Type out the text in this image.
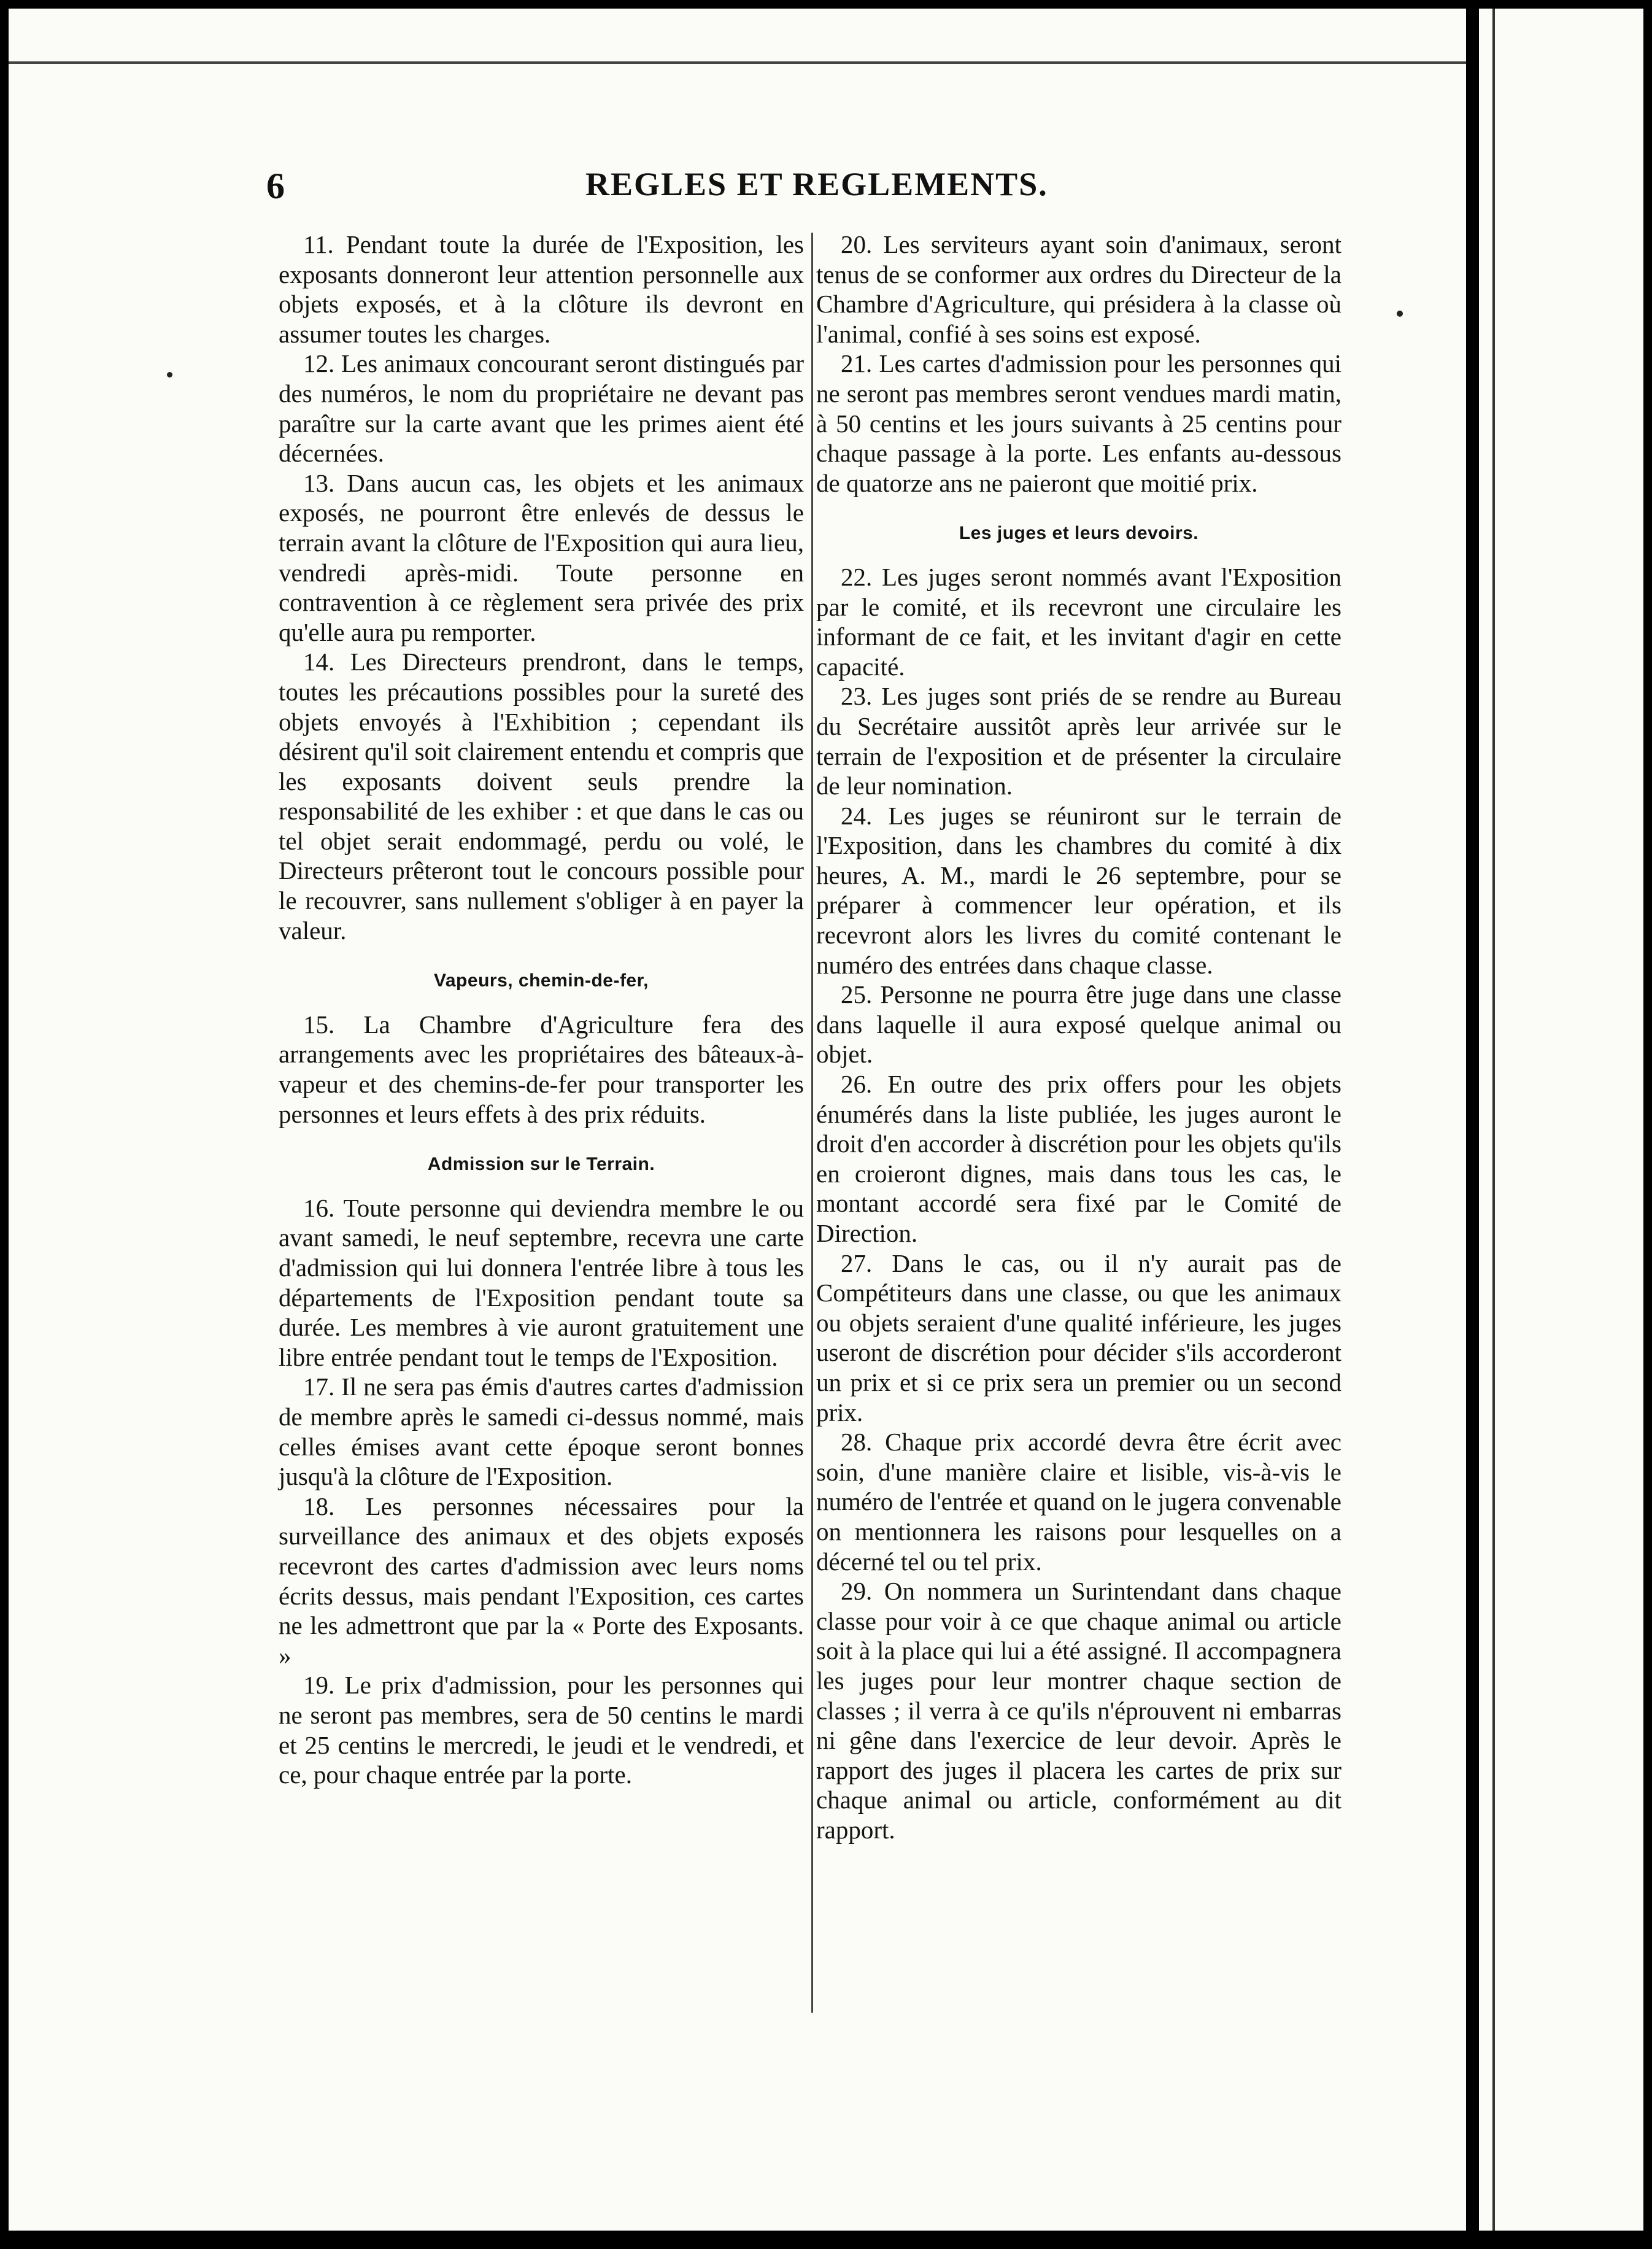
6	REGLES ET REGLEMENTS.

11. Pendant toute la durée de l'Exposition, les exposants donneront leur attention personnelle aux objets exposés, et à la clôture ils devront en assumer toutes les charges.

12. Les animaux concourant seront distingués par des numéros, le nom du propriétaire ne devant pas paraître sur la carte avant que les primes aient été décernées.

13. Dans aucun cas, les objets et les animaux exposés, ne pourront être enlevés de dessus le terrain avant la clôture de l'Exposition qui aura lieu, vendredi après-midi. Toute personne en contravention à ce règlement sera privée des prix qu'elle aura pu remporter.

14. Les Directeurs prendront, dans le temps, toutes les précautions possibles pour la sureté des objets envoyés à l'Exhibition ; cependant ils désirent qu'il soit clairement entendu et compris que les exposants doivent seuls prendre la responsabilité de les exhiber : et que dans le cas ou tel objet serait endommagé, perdu ou volé, le Directeurs prêteront tout le concours possible pour le recouvrer, sans nullement s'obliger à en payer la valeur.

Vapeurs, chemin-de-fer,

15. La Chambre d'Agriculture fera des arrangements avec les propriétaires des bâteaux-à-vapeur et des chemins-de-fer pour transporter les personnes et leurs effets à des prix réduits.

Admission sur le Terrain.

16. Toute personne qui deviendra membre le ou avant samedi, le neuf septembre, recevra une carte d'admission qui lui donnera l'entrée libre à tous les départements de l'Exposition pendant toute sa durée. Les membres à vie auront gratuitement une libre entrée pendant tout le temps de l'Exposition.

17. Il ne sera pas émis d'autres cartes d'admission de membre après le samedi ci-dessus nommé, mais celles émises avant cette époque seront bonnes jusqu'à la clôture de l'Exposition.

18. Les personnes nécessaires pour la surveillance des animaux et des objets exposés recevront des cartes d'admission avec leurs noms écrits dessus, mais pendant l'Exposition, ces cartes ne les admettront que par la « Porte des Exposants. »

19. Le prix d'admission, pour les personnes qui ne seront pas membres, sera de 50 centins le mardi et 25 centins le mercredi, le jeudi et le vendredi, et ce, pour chaque entrée par la porte.

20. Les serviteurs ayant soin d'animaux, seront tenus de se conformer aux ordres du Directeur de la Chambre d'Agriculture, qui présidera à la classe où l'animal, confié à ses soins est exposé.

21. Les cartes d'admission pour les personnes qui ne seront pas membres seront vendues mardi matin, à 50 centins et les jours suivants à 25 centins pour chaque passage à la porte. Les enfants au-dessous de quatorze ans ne paieront que moitié prix.

Les juges et leurs devoirs.

22. Les juges seront nommés avant l'Exposition par le comité, et ils recevront une circulaire les informant de ce fait, et les invitant d'agir en cette capacité.

23. Les juges sont priés de se rendre au Bureau du Secrétaire aussitôt après leur arrivée sur le terrain de l'exposition et de présenter la circulaire de leur nomination.

24. Les juges se réuniront sur le terrain de l'Exposition, dans les chambres du comité à dix heures, A. M., mardi le 26 septembre, pour se préparer à commencer leur opération, et ils recevront alors les livres du comité contenant le numéro des entrées dans chaque classe.

25. Personne ne pourra être juge dans une classe dans laquelle il aura exposé quelque animal ou objet.

26. En outre des prix offers pour les objets énumérés dans la liste publiée, les juges auront le droit d'en accorder à discrétion pour les objets qu'ils en croieront dignes, mais dans tous les cas, le montant accordé sera fixé par le Comité de Direction.

27. Dans le cas, ou il n'y aurait pas de Compétiteurs dans une classe, ou que les animaux ou objets seraient d'une qualité inférieure, les juges useront de discrétion pour décider s'ils accorderont un prix et si ce prix sera un premier ou un second prix.

28. Chaque prix accordé devra être écrit avec soin, d'une manière claire et lisible, vis-à-vis le numéro de l'entrée et quand on le jugera convenable on mentionnera les raisons pour lesquelles on a décerné tel ou tel prix.

29. On nommera un Surintendant dans chaque classe pour voir à ce que chaque animal ou article soit à la place qui lui a été assigné. Il accompagnera les juges pour leur montrer chaque section de classes ; il verra à ce qu'ils n'éprouvent ni embarras ni gêne dans l'exercice de leur devoir. Après le rapport des juges il placera les cartes de prix sur chaque animal ou article, conformément au dit rapport.
